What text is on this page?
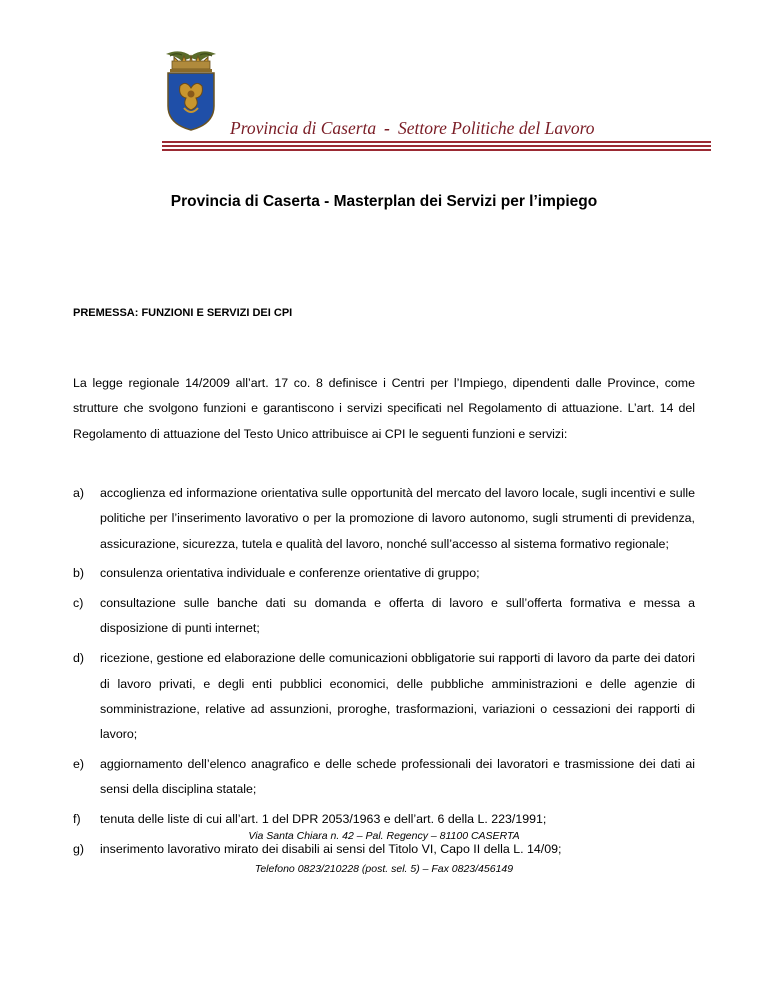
Provincia di Caserta - Settore Politiche del Lavoro
Provincia di Caserta - Masterplan dei Servizi per l’impiego
PREMESSA: FUNZIONI E SERVIZI DEI CPI

La legge regionale 14/2009 all’art. 17 co. 8 definisce i Centri per l’Impiego, dipendenti dalle Province, come strutture che svolgono funzioni e garantiscono i servizi specificati nel Regolamento di attuazione. L’art. 14 del Regolamento di attuazione del Testo Unico attribuisce ai CPI le seguenti funzioni e servizi:

a)	accoglienza ed informazione orientativa sulle opportunità del mercato del lavoro locale, sugli incentivi e sulle politiche per l’inserimento lavorativo o per la promozione di lavoro autonomo, sugli strumenti di previdenza, assicurazione, sicurezza, tutela e qualità del lavoro, nonché sull’accesso al sistema formativo regionale;
b)	consulenza orientativa individuale e conferenze orientative di gruppo;
c)	consultazione sulle banche dati su domanda e offerta di lavoro e sull’offerta formativa e messa a disposizione di punti internet;
d)	ricezione, gestione ed elaborazione delle comunicazioni obbligatorie sui rapporti di lavoro da parte dei datori di lavoro privati, e degli enti pubblici economici, delle pubbliche amministrazioni e delle agenzie di somministrazione, relative ad assunzioni, proroghe, trasformazioni, variazioni o cessazioni dei rapporti di lavoro;
e)	aggiornamento dell’elenco anagrafico e delle schede professionali dei lavoratori e trasmissione dei dati ai sensi della disciplina statale;
f)	tenuta delle liste di cui all’art. 1 del DPR 2053/1963 e dell’art. 6 della L. 223/1991;
g)	inserimento lavorativo mirato dei disabili ai sensi del Titolo VI, Capo II della L. 14/09;
Via Santa Chiara n. 42 – Pal. Regency – 81100 CASERTA
Telefono 0823/210228 (post. sel. 5) – Fax 0823/456149
